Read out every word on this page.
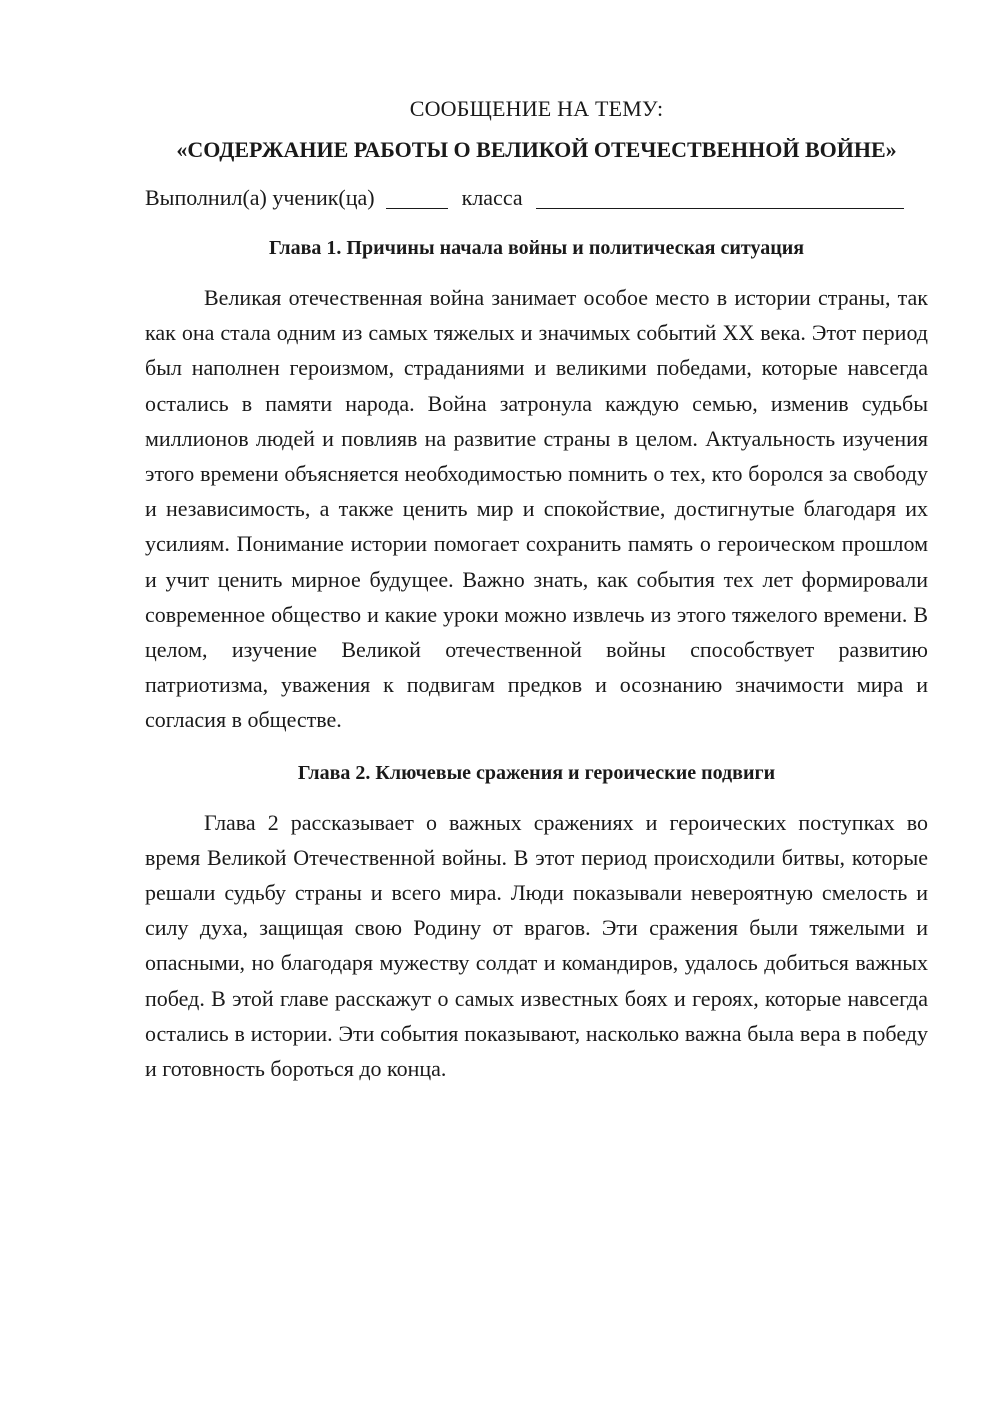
СООБЩЕНИЕ НА ТЕМУ:
«СОДЕРЖАНИЕ РАБОТЫ О ВЕЛИКОЙ ОТЕЧЕСТВЕННОЙ ВОЙНЕ»
Выполнил(а) ученик(ца)	класса
Глава 1. Причины начала войны и политическая ситуация

Великая отечественная война занимает особое место в истории страны, так как она стала одним из самых тяжелых и значимых событий XX века. Этот период был наполнен героизмом, страданиями и великими победами, которые навсегда остались в памяти народа. Война затронула каждую семью, изменив судьбы миллионов людей и повлияв на развитие страны в целом. Актуальность изучения этого времени объясняется необходимостью помнить о тех, кто боролся за свободу и независимость, а также ценить мир и спокойствие, достигнутые благодаря их усилиям. Понимание истории помогает сохранить память о героическом прошлом и учит ценить мирное будущее. Важно знать, как события тех лет формировали современное общество и какие уроки можно извлечь из этого тяжелого времени. В целом, изучение Великой отечественной войны способствует развитию патриотизма, уважения к подвигам предков и осознанию значимости мира и согласия в обществе.

Глава 2. Ключевые сражения и героические подвиги

Глава 2 рассказывает о важных сражениях и героических поступках во время Великой Отечественной войны. В этот период происходили битвы, которые решали судьбу страны и всего мира. Люди показывали невероятную смелость и силу духа, защищая свою Родину от врагов. Эти сражения были тяжелыми и опасными, но благодаря мужеству солдат и командиров, удалось добиться важных побед. В этой главе расскажут о самых известных боях и героях, которые навсегда остались в истории. Эти события показывают, насколько важна была вера в победу и готовность бороться до конца.
